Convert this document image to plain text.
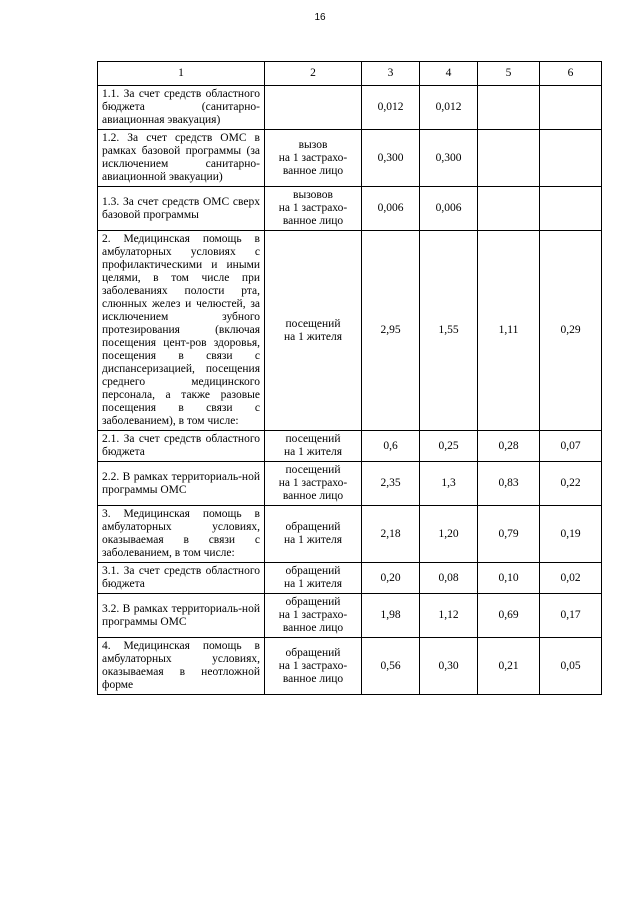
16
1	2	3	4	5	6
1.1. За счет средств областного бюджета (санитарно-авиационная эвакуация)		0,012	0,012		
1.2. За счет средств ОМС в рамках базовой программы (за исключением санитарно-авиационной эвакуации)	вызов
на 1 застрахо-
ванное лицо	0,300	0,300		
1.3. За счет средств ОМС сверх базовой программы	вызовов
на 1 застрахо-
ванное лицо	0,006	0,006		
2. Медицинская помощь в амбулаторных условиях с профилактическими и иными целями, в том числе при заболеваниях полости рта, слюнных желез и челюстей, за исключением зубного протезирования (включая посещения цент-ров здоровья, посещения в связи с диспансеризацией, посещения среднего медицинского персонала, а также разовые посещения в связи с заболеванием), в том числе:	посещений
на 1 жителя	2,95	1,55	1,11	0,29
2.1. За счет средств областного бюджета	посещений
на 1 жителя	0,6	0,25	0,28	0,07
2.2. В рамках территориаль-ной программы ОМС	посещений
на 1 застрахо-
ванное лицо	2,35	1,3	0,83	0,22
3. Медицинская помощь в амбулаторных условиях, оказываемая в связи с заболеванием, в том числе:	обращений
на 1 жителя	2,18	1,20	0,79	0,19
3.1. За счет средств областного бюджета	обращений
на 1 жителя	0,20	0,08	0,10	0,02
3.2. В рамках территориаль-ной программы ОМС	обращений
на 1 застрахо-
ванное лицо	1,98	1,12	0,69	0,17
4. Медицинская помощь в амбулаторных условиях, оказываемая в неотложной форме	обращений
на 1 застрахо-
ванное лицо	0,56	0,30	0,21	0,05
